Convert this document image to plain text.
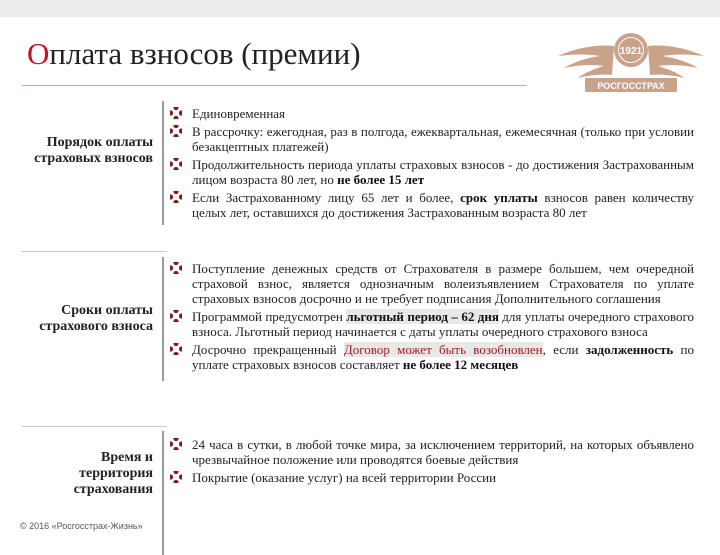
Оплата взносов (премии)	1921
РОСГОССТРАХ
Порядок оплаты страховых взносов
Единовременная
В рассрочку: ежегодная, раз в полгода, ежеквартальная, ежемесячная (только при условии безакцептных платежей)
Продолжительность периода уплаты страховых взносов - до достижения Застрахованным лицом возраста 80 лет, но не более 15 лет
Если Застрахованному лицу 65 лет и более, срок уплаты взносов равен количеству целых лет, оставшихся до достижения Застрахованным возраста 80 лет
Сроки оплаты страхового взноса
Поступление денежных средств от Страхователя в размере большем, чем очередной страховой взнос, является однозначным волеизъявлением Страхователя по уплате страховых взносов досрочно и не требует подписания Дополнительного соглашения
Программой предусмотрен льготный период – 62 дня для уплаты очередного страхового взноса. Льготный период начинается с даты уплаты очередного страхового взноса
Досрочно прекращенный Договор может быть возобновлен, если задолженность по уплате страховых взносов составляет не более 12 месяцев
Время и территория страхования
24 часа в сутки, в любой точке мира, за исключением территорий, на которых объявлено чрезвычайное положение или проводятся боевые действия
Покрытие (оказание услуг) на всей территории России
© 2016 «Росгосстрах-Жизнь»
